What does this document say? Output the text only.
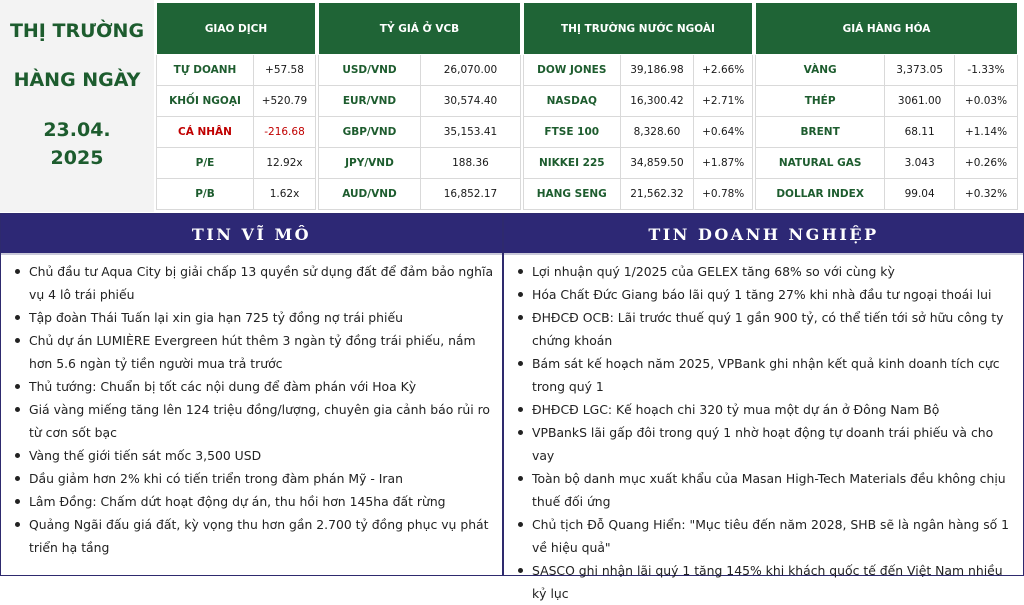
THỊ TRƯỜNG
HÀNG NGÀY
23.04.
2025
GIAO DỊCH	
TỰ DOANH	+57.58
KHỐI NGOẠI	+520.79
CÁ NHÂN	-216.68
P/E	12.92x
P/B	1.62x
TỶ GIÁ Ở VCB	
USD/VND	26,070.00
EUR/VND	30,574.40
GBP/VND	35,153.41
JPY/VND	188.36
AUD/VND	16,852.17
THỊ TRƯỜNG NƯỚC NGOÀI		
DOW JONES	39,186.98	+2.66%
NASDAQ	16,300.42	+2.71%
FTSE 100	8,328.60	+0.64%
NIKKEI 225	34,859.50	+1.87%
HANG SENG	21,562.32	+0.78%
GIÁ HÀNG HÓA		
VÀNG	3,373.05	-1.33%
THÉP	3061.00	+0.03%
BRENT	68.11	+1.14%
NATURAL GAS	3.043	+0.26%
DOLLAR INDEX	99.04	+0.32%
TIN VĨ MÔ
Chủ đầu tư Aqua City bị giải chấp 13 quyền sử dụng đất để đảm bảo nghĩa vụ 4 lô trái phiếu
Tập đoàn Thái Tuấn lại xin gia hạn 725 tỷ đồng nợ trái phiếu
Chủ dự án LUMIÈRE Evergreen hút thêm 3 ngàn tỷ đồng trái phiếu, nắm hơn 5.6 ngàn tỷ tiền người mua trả trước
Thủ tướng: Chuẩn bị tốt các nội dung để đàm phán với Hoa Kỳ
Giá vàng miếng tăng lên 124 triệu đồng/lượng, chuyên gia cảnh báo rủi ro từ cơn sốt bạc
Vàng thế giới tiến sát mốc 3,500 USD
Dầu giảm hơn 2% khi có tiến triển trong đàm phán Mỹ - Iran
Lâm Đồng: Chấm dứt hoạt động dự án, thu hồi hơn 145ha đất rừng
Quảng Ngãi đấu giá đất, kỳ vọng thu hơn gần 2.700 tỷ đồng phục vụ phát triển hạ tầng
TIN DOANH NGHIỆP
Lợi nhuận quý 1/2025 của GELEX tăng 68% so với cùng kỳ
Hóa Chất Đức Giang báo lãi quý 1 tăng 27% khi nhà đầu tư ngoại thoái lui
ĐHĐCĐ OCB: Lãi trước thuế quý 1 gần 900 tỷ, có thể tiến tới sở hữu công ty chứng khoán
Bám sát kế hoạch năm 2025, VPBank ghi nhận kết quả kinh doanh tích cực trong quý 1
ĐHĐCĐ LGC: Kế hoạch chi 320 tỷ mua một dự án ở Đông Nam Bộ
VPBankS lãi gấp đôi trong quý 1 nhờ hoạt động tự doanh trái phiếu và cho vay
Toàn bộ danh mục xuất khẩu của Masan High-Tech Materials đều không chịu thuế đối ứng
Chủ tịch Đỗ Quang Hiển: "Mục tiêu đến năm 2028, SHB sẽ là ngân hàng số 1 về hiệu quả"
SASCO ghi nhận lãi quý 1 tăng 145% khi khách quốc tế đến Việt Nam nhiều kỷ lục
